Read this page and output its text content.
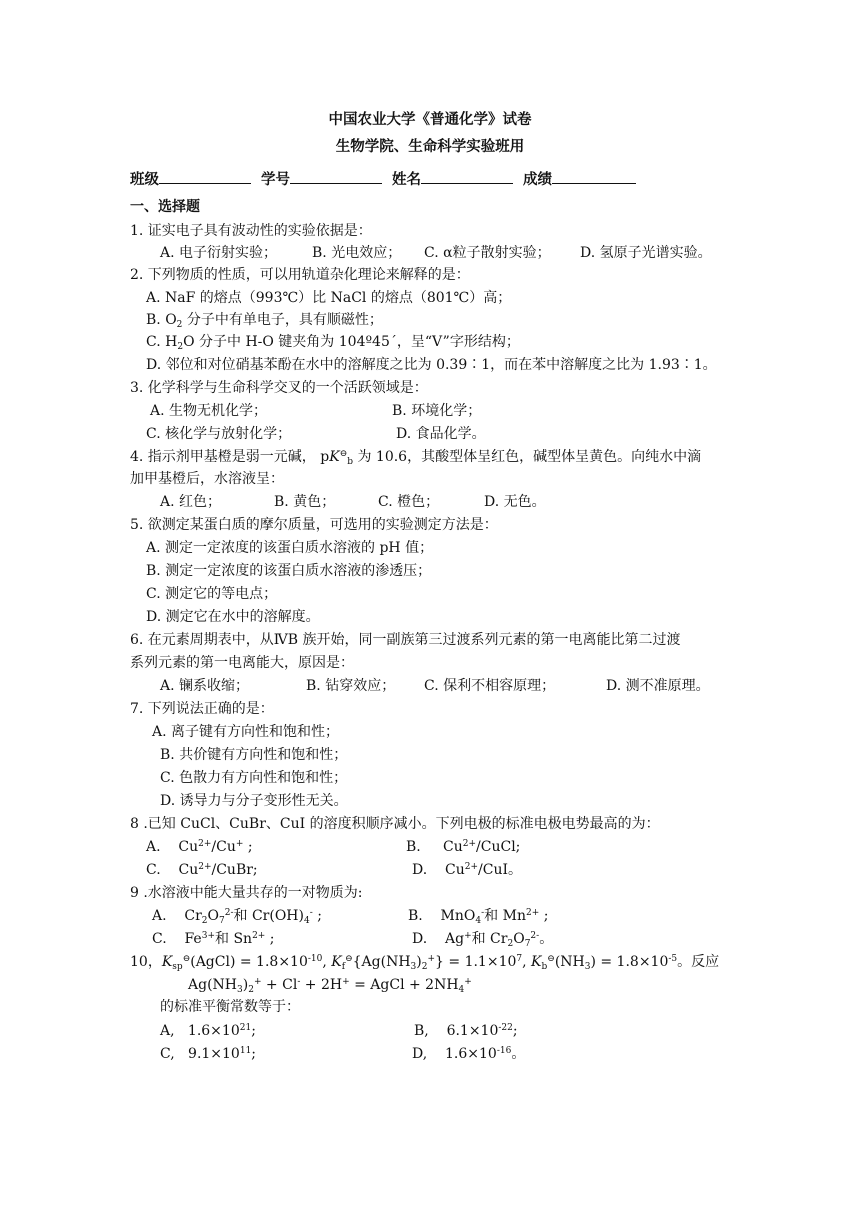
中国农业大学《普通化学》试卷
生物学院、生命科学实验班用
班级	学号	姓名	成绩
一、选择题
1. 证实电子具有波动性的实验依据是：
A. 电子衍射实验； B. 光电效应； C. α粒子散射实验； D. 氢原子光谱实验。
2. 下列物质的性质，可以用轨道杂化理论来解释的是：
A. NaF 的熔点（993℃）比 NaCl 的熔点（801℃）高；
B. $O_2$ 分子中有单电子，具有顺磁性；
C. $H_2O$ 分子中 H-O 键夹角为 104º45´，呈“V”字形结构；
D. 邻位和对位硝基苯酚在水中的溶解度之比为 0.39∶1，而在苯中溶解度之比为 1.93∶1。
3. 化学科学与生命科学交叉的一个活跃领域是：
A. 生物无机化学；	B. 环境化学；
C. 核化学与放射化学；	D. 食品化学。
4. 指示剂甲基橙是弱一元碱， $pK^⊖_b$ 为 10.6，其酸型体呈红色，碱型体呈黄色。向纯水中滴
加甲基橙后，水溶液呈：
A. 红色；	B. 黄色；	C. 橙色；	D. 无色。
5. 欲测定某蛋白质的摩尔质量，可选用的实验测定方法是：
A. 测定一定浓度的该蛋白质水溶液的 pH 值；
B. 测定一定浓度的该蛋白质水溶液的渗透压；
C. 测定它的等电点；
D. 测定它在水中的溶解度。
6. 在元素周期表中，从ⅣB 族开始，同一副族第三过渡系列元素的第一电离能比第二过渡
系列元素的第一电离能大，原因是：
A. 镧系收缩；	B. 钻穿效应； C. 保利不相容原理；	D. 测不准原理。
7. 下列说法正确的是：
A. 离子键有方向性和饱和性；
B. 共价键有方向性和饱和性；
C. 色散力有方向性和饱和性；
D. 诱导力与分子变形性无关。
8 .已知 CuCl、CuBr、CuI 的溶度积顺序减小。下列电极的标准电极电势最高的为：
A. $Cu^{2+}/Cu^+$ ;	B. $Cu^{2+}$/CuCl;
C. $Cu^{2+}$/CuBr;	D. $Cu^{2+}$/CuI。
9 .水溶液中能大量共存的一对物质为:
A.    $Cr_2O_7^{2-}$和 $Cr(OH)_4^-$ ;	B.    MnO$_4$-和 $Mn^{2+}$ ;
C.    $Fe^{3+}$和 $Sn^{2+}$ ;	D.    Ag+和 $Cr_2O_7^{2-}$。
10，$K_{sp}^⊖(AgCl) = 1.8\times 10^{-10}$, $K_f^⊖\{Ag(NH_3)_2^+\} = 1.1\times 10^7$, $K_b^⊖(NH_3) = 1.8\times 10^{-5}$。反应
$Ag(NH_3)_2^+ + Cl^- + 2H^+$ = AgCl + $2NH_4^+$
的标准平衡常数等于：
A, $1.6\times 10^{21}$;	B, $6.1\times 10^{-22}$;
C, $9.1\times 10^{11}$;	D, $1.6\times 10^{-16}$。
